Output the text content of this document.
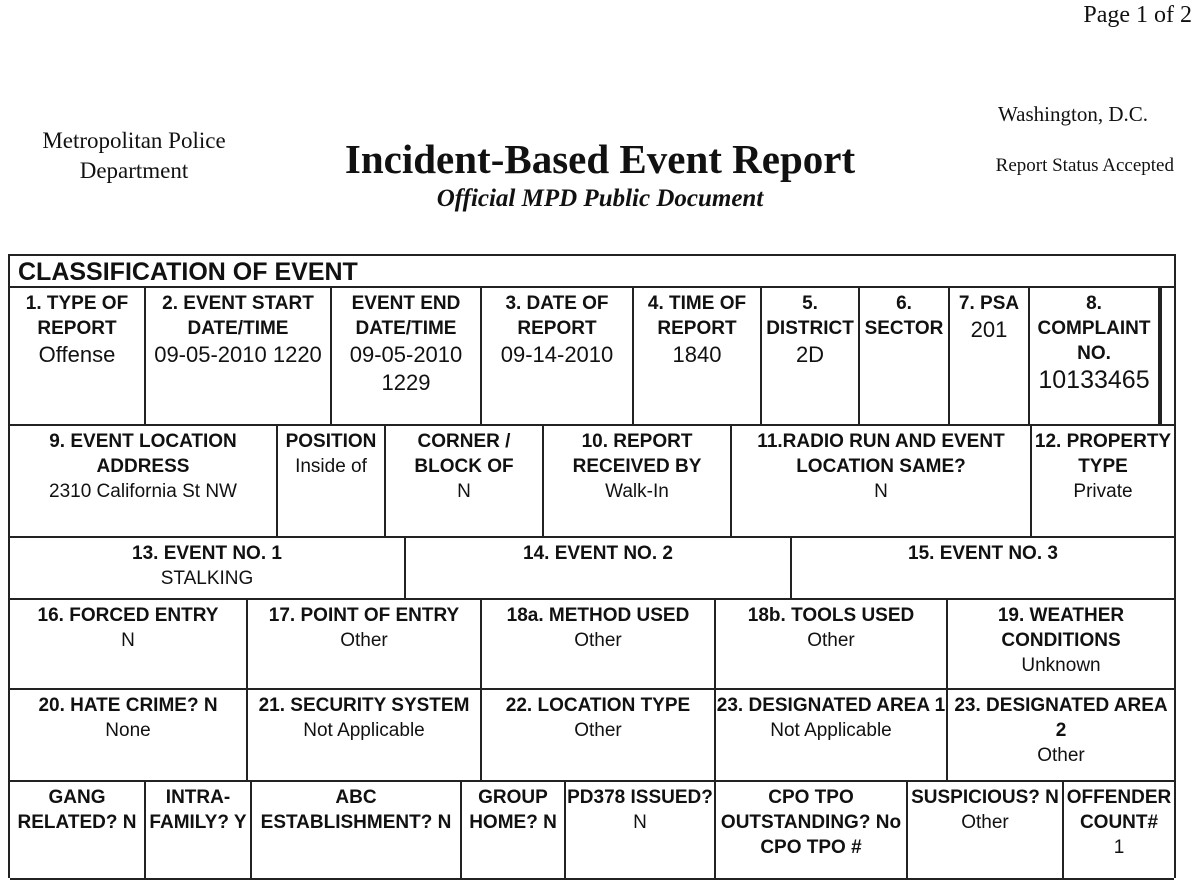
Page 1 of 2
Metropolitan Police Department	Incident-Based Event Report
Official MPD Public Document
Washington, D.C.
Report Status Accepted
CLASSIFICATION OF EVENT
1. TYPE OF REPORT
Offense
2. EVENT START DATE/TIME
09-05-2010 1220
EVENT END DATE/TIME
09-05-2010 1229
3. DATE OF REPORT
09-14-2010
4. TIME OF REPORT
1840
5. DISTRICT
2D
6. SECTOR
7. PSA
201
8. COMPLAINT NO.
10133465
9. EVENT LOCATION ADDRESS
2310 California St NW
POSITION
Inside of
CORNER / BLOCK OF
N
10. REPORT RECEIVED BY
Walk-In
11.RADIO RUN AND EVENT LOCATION SAME?
N
12. PROPERTY TYPE
Private
13. EVENT NO. 1
STALKING
14. EVENT NO. 2	15. EVENT NO. 3
16. FORCED ENTRY
N
17. POINT OF ENTRY
Other
18a. METHOD USED
Other
18b. TOOLS USED
Other
19. WEATHER CONDITIONS
Unknown
20. HATE CRIME? N
None
21. SECURITY SYSTEM
Not Applicable
22. LOCATION TYPE
Other
23. DESIGNATED AREA 1
Not Applicable
23. DESIGNATED AREA 2
Other
GANG RELATED? N
INTRA-FAMILY? Y
ABC ESTABLISHMENT? N
GROUP HOME? N
PD378 ISSUED?
N
CPO TPO OUTSTANDING? No
CPO TPO #
SUSPICIOUS? N
Other
OFFENDER COUNT#
1
